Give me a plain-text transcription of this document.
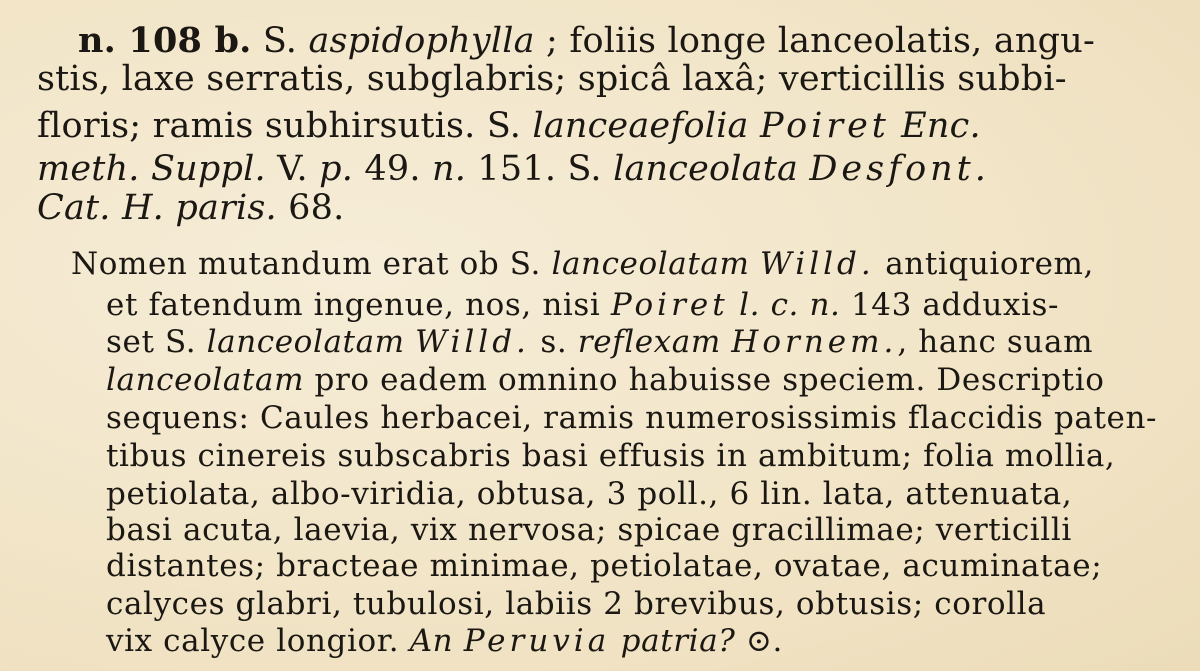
n. 108 b. S. aspidophylla ; foliis longe lanceolatis, angu-
stis, laxe serratis, subglabris; spicâ laxâ; verticillis subbi-
floris; ramis subhirsutis. S. lanceaefolia Poiret Enc.
meth. Suppl. V. p. 49. n. 151. S. lanceolata Desfont.
Cat. H. paris. 68.
Nomen mutandum erat ob S. lanceolatam Willd. antiquiorem,
et fatendum ingenue, nos, nisi Poiret l. c. n. 143 adduxis-
set S. lanceolatam Willd. s. reflexam Hornem., hanc suam
lanceolatam pro eadem omnino habuisse speciem. Descriptio
sequens: Caules herbacei, ramis numerosissimis flaccidis paten-
tibus cinereis subscabris basi effusis in ambitum; folia mollia,
petiolata, albo-viridia, obtusa, 3 poll., 6 lin. lata, attenuata,
basi acuta, laevia, vix nervosa; spicae gracillimae; verticilli
distantes; bracteae minimae, petiolatae, ovatae, acuminatae;
calyces glabri, tubulosi, labiis 2 brevibus, obtusis; corolla
vix calyce longior. An Peruvia patria? ⊙.
